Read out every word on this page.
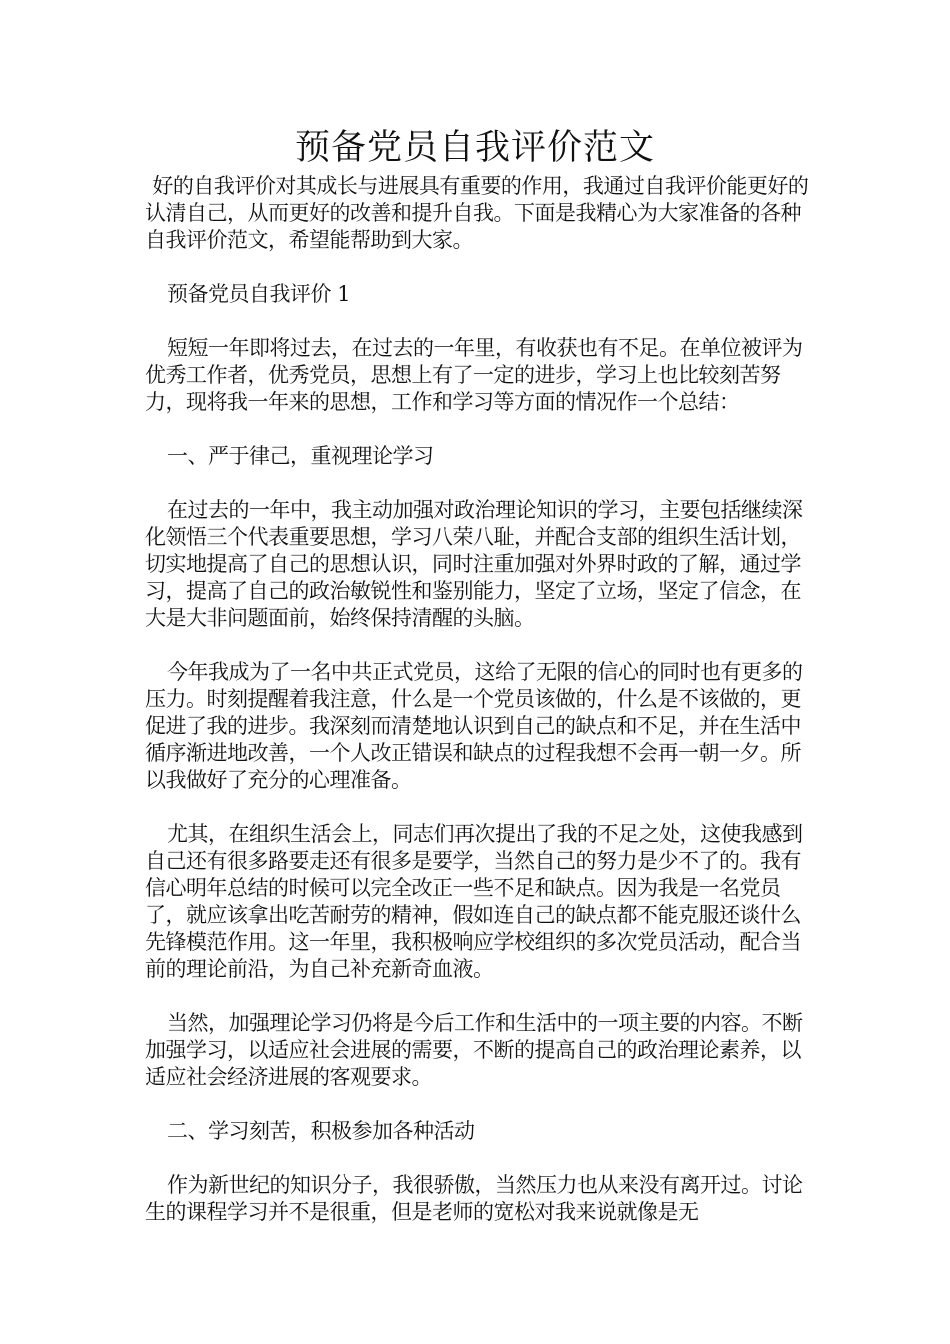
预备党员自我评价范文

好的自我评价对其成长与进展具有重要的作用，我通过自我评价能更好的认清自己，从而更好的改善和提升自我。下面是我精心为大家准备的各种自我评价范文，希望能帮助到大家。

预备党员自我评价 1

短短一年即将过去，在过去的一年里，有收获也有不足。在单位被评为优秀工作者，优秀党员，思想上有了一定的进步，学习上也比较刻苦努力，现将我一年来的思想，工作和学习等方面的情况作一个总结：

一、严于律己，重视理论学习

在过去的一年中，我主动加强对政治理论知识的学习，主要包括继续深化领悟三个代表重要思想，学习八荣八耻，并配合支部的组织生活计划，切实地提高了自己的思想认识，同时注重加强对外界时政的了解，通过学习，提高了自己的政治敏锐性和鉴别能力，坚定了立场，坚定了信念，在大是大非问题面前，始终保持清醒的头脑。

今年我成为了一名中共正式党员，这给了无限的信心的同时也有更多的压力。时刻提醒着我注意，什么是一个党员该做的，什么是不该做的，更促进了我的进步。我深刻而清楚地认识到自己的缺点和不足，并在生活中循序渐进地改善，一个人改正错误和缺点的过程我想不会再一朝一夕。所以我做好了充分的心理准备。

尤其，在组织生活会上，同志们再次提出了我的不足之处，这使我感到自己还有很多路要走还有很多是要学，当然自己的努力是少不了的。我有信心明年总结的时候可以完全改正一些不足和缺点。因为我是一名党员了，就应该拿出吃苦耐劳的精神，假如连自己的缺点都不能克服还谈什么先锋模范作用。这一年里，我积极响应学校组织的多次党员活动，配合当前的理论前沿，为自己补充新奇血液。

当然，加强理论学习仍将是今后工作和生活中的一项主要的内容。不断加强学习，以适应社会进展的需要，不断的提高自己的政治理论素养，以适应社会经济进展的客观要求。

二、学习刻苦，积极参加各种活动

作为新世纪的知识分子，我很骄傲，当然压力也从来没有离开过。讨论生的课程学习并不是很重，但是老师的宽松对我来说就像是无
